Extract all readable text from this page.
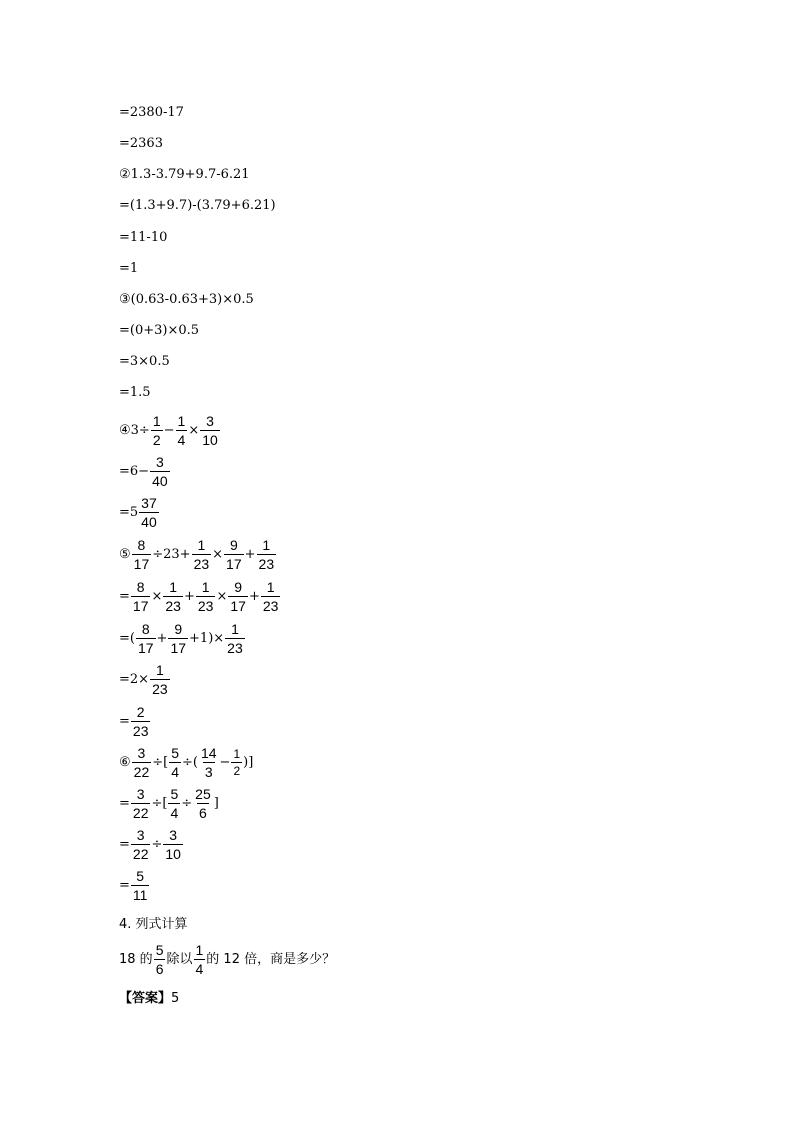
=2380-17
=2363
②1.3-3.79+9.7-6.21
=(1.3+9.7)-(3.79+6.21)
=11-10
=1
③(0.63-0.63+3)×0.5
=(0+3)×0.5
=3×0.5
=1.5
④3÷ $\frac{1}{2} - \frac{1}{4} \times \frac{3}{10}$
$=6- \frac{3}{40}$
$=5 \frac{37}{40}$
⑤ $\frac{8}{17} \div 23+ \frac{1}{23} \times \frac{9}{17} + \frac{1}{23}$
= $\frac{8}{17} \times \frac{1}{23} + \frac{1}{23} \times \frac{9}{17} + \frac{1}{23}$
=( $\frac{8}{17} + \frac{9}{17} +1)\times \frac{1}{23}$
$=2\times \frac{1}{23}$
= $\frac{2}{23}$
⑥ $\frac{3}{22}$ ÷[ $\frac{5}{4}$ ÷( $\frac{14}{3} - \frac{1}{2}$ )]
= $\frac{3}{22}$ ÷[ $\frac{5}{4} \div \frac{25}{6}$ ]
= $\frac{3}{22} \div \frac{3}{10}$
= $\frac{5}{11}$
4. 列式计算
18 的 $\frac{5}{6}$ 除以 $\frac{1}{4}$ 的 12 倍，商是多少？
【答案】 5
